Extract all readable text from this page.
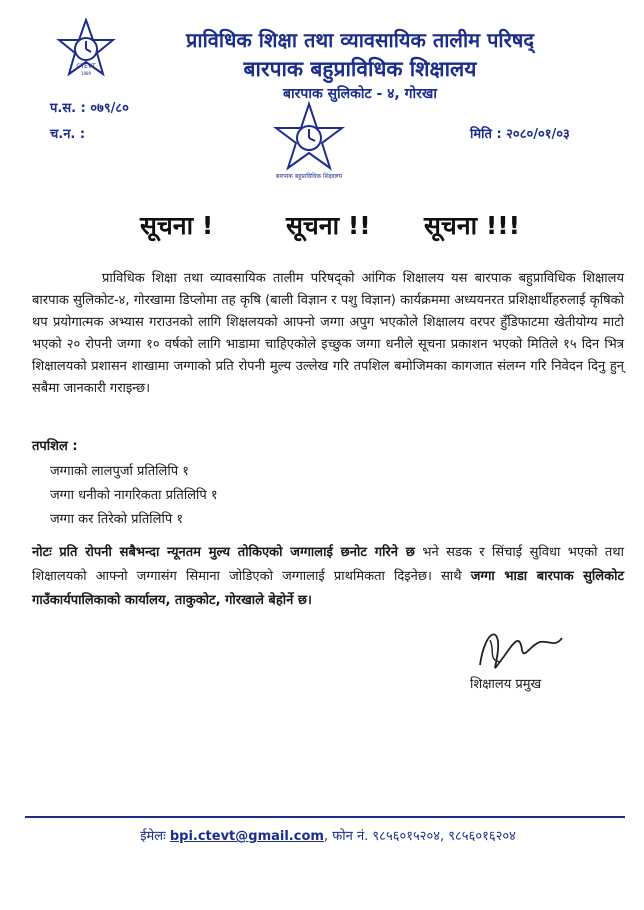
CTEVT
1989
प्राविधिक शिक्षा तथा व्यावसायिक तालीम परिषद्
बारपाक बहुप्राविधिक शिक्षालय
बारपाक सुलिकोट - ४, गोरखा
प.स. : ०७९/८०
च.न. :	मिति : २०८०/०१/०३
बारपाक बहुप्राविधिक शिक्षालय
सूचना !	सूचना !! सूचना !!!
प्राविधिक शिक्षा तथा व्यावसायिक तालीम परिषद्को आंगिक शिक्षालय यस बारपाक बहुप्राविधिक शिक्षालय बारपाक सुलिकोट-४, गोरखामा डिप्लोमा तह कृषि (बाली विज्ञान र पशु विज्ञान) कार्यक्रममा अध्ययनरत प्रशिक्षार्थीहरुलाई कृषिको थप प्रयोगात्मक अभ्यास गराउनको लागि शिक्षलयको आफ्नो जग्गा अपुग भएकोले शिक्षालय वरपर हुँडिफाटमा खेतीयोग्य माटो भएको २० रोपनी जग्गा १० वर्षको लागि भाडामा चाहिएकोले इच्छुक जग्गा धनीले सूचना प्रकाशन भएको मितिले १५ दिन भित्र शिक्षालयको प्रशासन शाखामा जग्गाको प्रति रोपनी मुल्य उल्लेख गरि तपशिल बमोजिमका कागजात संलग्न गरि निवेदन दिनु हुन् सबैमा जानकारी गराइन्छ।
तपशिल :
जग्गाको लालपुर्जा प्रतिलिपि १
जग्गा धनीको नागरिकता प्रतिलिपि १
जग्गा कर तिरेको प्रतिलिपि १
नोटः प्रति रोपनी सबैभन्दा न्यूनतम मुल्य तोकिएको जग्गालाई छनोट गरिने छ भने सडक र सिंचाई सुविधा भएको तथा शिक्षालयको आफ्नो जग्गासंग सिमाना जोडिएको जग्गालाई प्राथमिकता दिइनेछ। साथै जग्गा भाडा बारपाक सुलिकोट गाउँकार्यपालिकाको कार्यालय, ताकुकोट, गोरखाले बेहोर्ने छ।
शिक्षालय प्रमुख
ईमेलः bpi.ctevt@gmail.com, फोन नं. ९८५६०१५२०४, ९८५६०१६२०४
